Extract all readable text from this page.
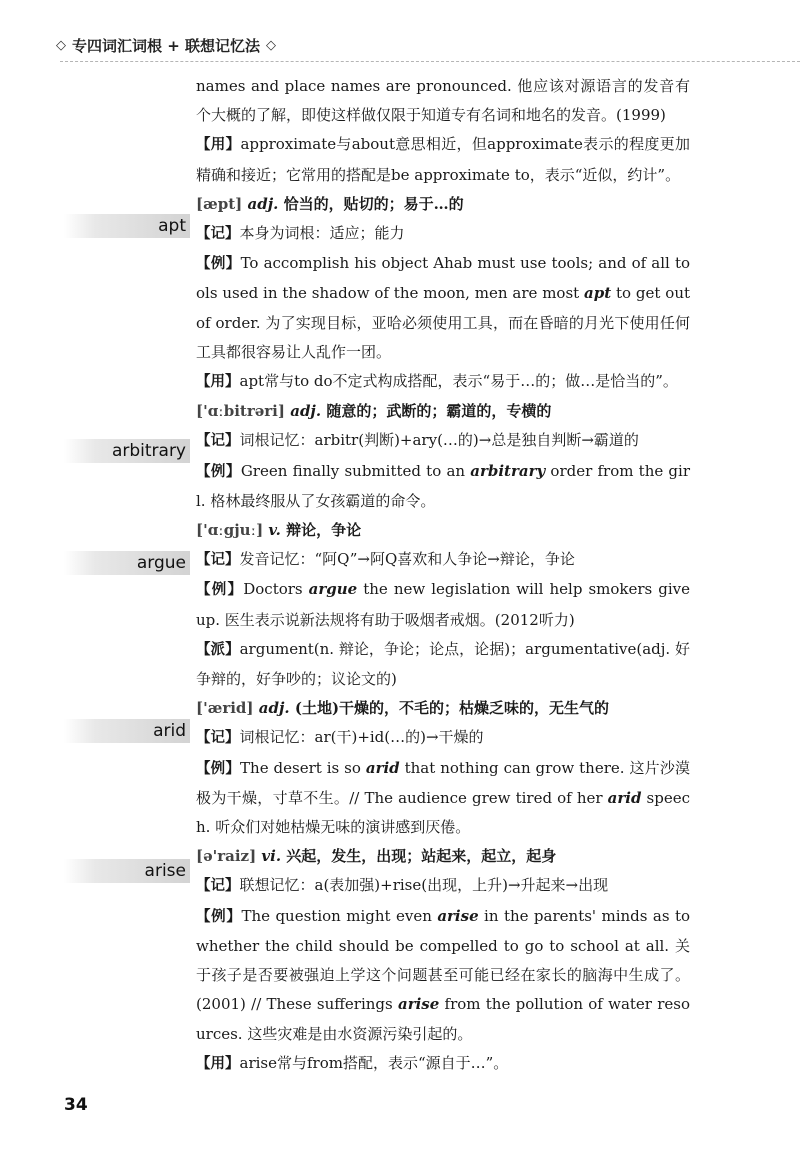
◇ 专四词汇词根 + 联想记忆法 ◇
apt
arbitrary
argue
arid
arise

names and place names are pronounced. 他应该对源语言的发音有个大概的了解，即使这样做仅限于知道专有名词和地名的发音。(1999)

【用】approximate与about意思相近，但approximate表示的程度更加精确和接近；它常用的搭配是be approximate to，表示“近似，约计”。

[æpt] adj. 恰当的，贴切的；易于…的

【记】本身为词根：适应；能力

【例】To accomplish his object Ahab must use tools; and of all tools used in the shadow of the moon, men are most apt to get out of order. 为了实现目标，亚哈必须使用工具，而在昏暗的月光下使用任何工具都很容易让人乱作一团。

【用】apt常与to do不定式构成搭配，表示“易于…的；做…是恰当的”。

['ɑːbitrəri] adj. 随意的；武断的；霸道的，专横的

【记】词根记忆：arbitr(判断)+ary(…的)→总是独自判断→霸道的

【例】Green finally submitted to an arbitrary order from the girl. 格林最终服从了女孩霸道的命令。

['ɑːgjuː] v. 辩论，争论

【记】发音记忆：“阿Q”→阿Q喜欢和人争论→辩论，争论

【例】Doctors argue the new legislation will help smokers give up. 医生表示说新法规将有助于吸烟者戒烟。(2012听力)

【派】argument(n. 辩论，争论；论点，论据)；argumentative(adj. 好争辩的，好争吵的；议论文的)

['ærid] adj. (土地)干燥的，不毛的；枯燥乏味的，无生气的

【记】词根记忆：ar(干)+id(…的)→干燥的

【例】The desert is so arid that nothing can grow there. 这片沙漠极为干燥，寸草不生。// The audience grew tired of her arid speech. 听众们对她枯燥无味的演讲感到厌倦。

[ə'raiz] vi. 兴起，发生，出现；站起来，起立，起身

【记】联想记忆：a(表加强)+rise(出现，上升)→升起来→出现

【例】The question might even arise in the parents' minds as to whether the child should be compelled to go to school at all. 关于孩子是否要被强迫上学这个问题甚至可能已经在家长的脑海中生成了。(2001) // These sufferings arise from the pollution of water resources. 这些灾难是由水资源污染引起的。

【用】arise常与from搭配，表示“源自于…”。

34
